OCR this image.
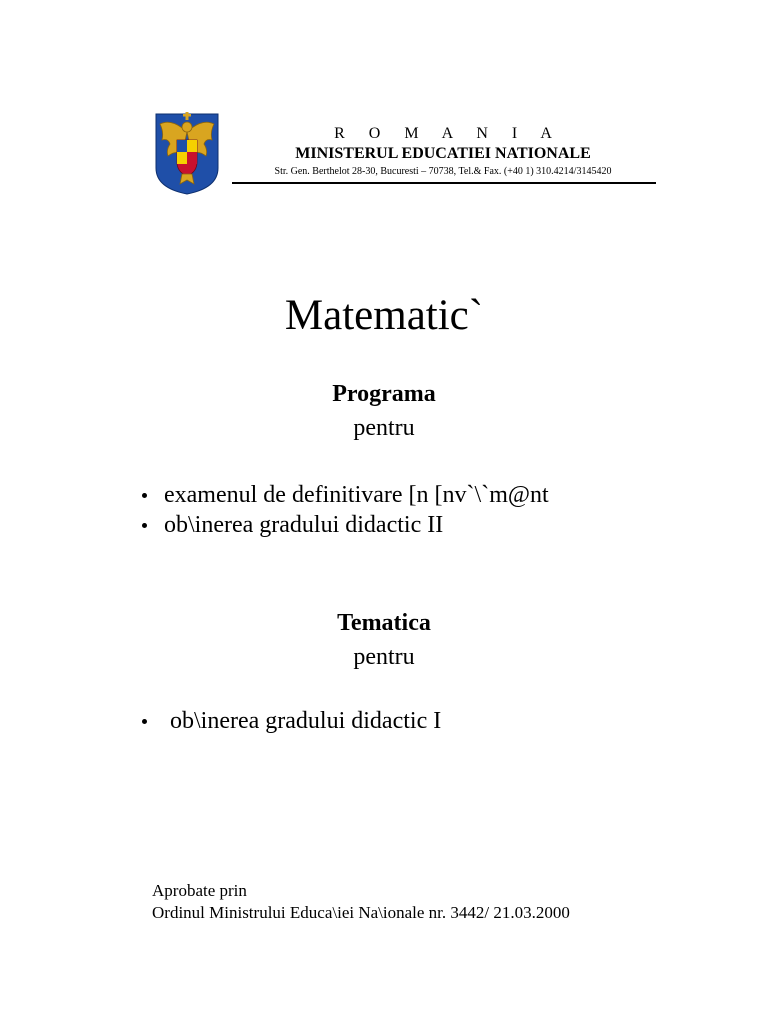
R O M A N I A
MINISTERUL EDUCATIEI NATIONALE
Str. Gen. Berthelot 28-30, Bucuresti – 70738, Tel.& Fax. (+40 1) 310.4214/3145420
Matematic`
Programa
pentru
examenul de definitivare [n [nv`\`m@nt
ob\inerea gradului didactic II
Tematica
pentru
ob\inerea gradului didactic I
Aprobate prin
Ordinul Ministrului Educa\iei Na\ionale nr. 3442/ 21.03.2000
